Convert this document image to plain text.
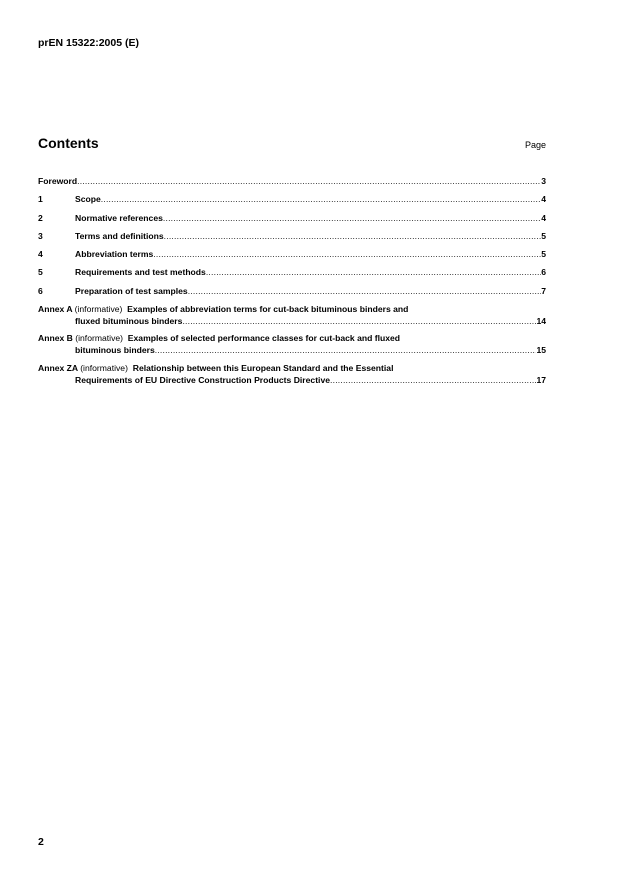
prEN 15322:2005 (E)
Contents	Page
Foreword .....	3
1	Scope .....	4
2	Normative references .....	4
3	Terms and definitions .....	5
4	Abbreviation terms .....	5
5	Requirements and test methods .....	6
6	Preparation of test samples .....	7
Annex A (informative) Examples of abbreviation terms for cut-back bituminous binders and
fluxed bituminous binders .....	14
Annex B (informative) Examples of selected performance classes for cut-back and fluxed
bituminous binders .....	15
Annex ZA (informative) Relationship between this European Standard and the Essential
Requirements of EU Directive Construction Products Directive .....	17
2
